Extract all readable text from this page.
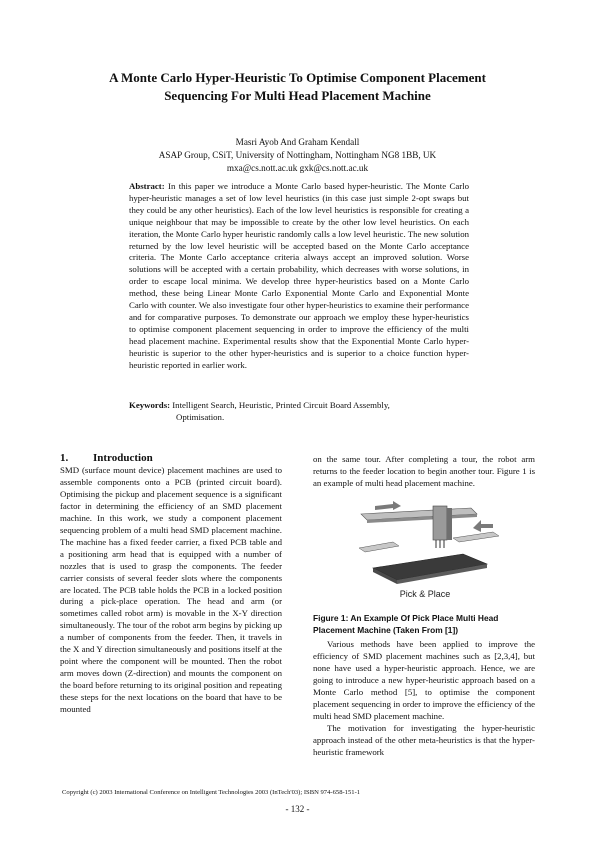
A Monte Carlo Hyper-Heuristic To Optimise Component Placement
Sequencing For Multi Head Placement Machine
Masri Ayob And Graham Kendall
ASAP Group, CSiT, University of Nottingham, Nottingham NG8 1BB, UK
mxa@cs.nott.ac.uk gxk@cs.nott.ac.uk
Abstract: In this paper we introduce a Monte Carlo based hyper-heuristic. The Monte Carlo hyper-heuristic manages a set of low level heuristics (in this case just simple 2-opt swaps but they could be any other heuristics). Each of the low level heuristics is responsible for creating a unique neighbour that may be impossible to create by the other low level heuristics. On each iteration, the Monte Carlo hyper heuristic randomly calls a low level heuristic. The new solution returned by the low level heuristic will be accepted based on the Monte Carlo acceptance criteria. The Monte Carlo acceptance criteria always accept an improved solution. Worse solutions will be accepted with a certain probability, which decreases with worse solutions, in order to escape local minima. We develop three hyper-heuristics based on a Monte Carlo method, these being Linear Monte Carlo Exponential Monte Carlo and Exponential Monte Carlo with counter. We also investigate four other hyper-heuristics to examine their performance and for comparative purposes. To demonstrate our approach we employ these hyper-heuristics to optimise component placement sequencing in order to improve the efficiency of the multi head placement machine. Experimental results show that the Exponential Monte Carlo hyper-heuristic is superior to the other hyper-heuristics and is superior to a choice function hyper-heuristic reported in earlier work.
Keywords: Intelligent Search, Heuristic, Printed Circuit Board Assembly,
Optimisation.
1. Introduction
SMD (surface mount device) placement machines are used to assemble components onto a PCB (printed circuit board). Optimising the pickup and placement sequence is a significant factor in determining the efficiency of an SMD placement machine. In this work, we study a component placement sequencing problem of a multi head SMD placement machine. The machine has a fixed feeder carrier, a fixed PCB table and a positioning arm head that is equipped with a number of nozzles that is used to grasp the components. The feeder carrier consists of several feeder slots where the components are located. The PCB table holds the PCB in a locked position during a pick-place operation. The head and arm (or sometimes called robot arm) is movable in the X-Y direction simultaneously. The tour of the robot arm begins by picking up a number of components from the feeder. Then, it travels in the X and Y direction simultaneously and positions itself at the point where the component will be mounted. Then the robot arm moves down (Z-direction) and mounts the component on the board before returning to its original position and repeating these steps for the next locations on the board that have to be mounted
on the same tour. After completing a tour, the robot arm returns to the feeder location to begin another tour. Figure 1 is an example of multi head placement machine.
Pick & Place
Figure 1: An Example Of Pick Place Multi Head Placement Machine (Taken From [1])
Various methods have been applied to improve the efficiency of SMD placement machines such as [2,3,4], but none have used a hyper-heuristic approach. Hence, we are going to introduce a new hyper-heuristic approach based on a Monte Carlo method [5], to optimise the component placement sequencing in order to improve the efficiency of the multi head SMD placement machine.
The motivation for investigating the hyper-heuristic approach instead of the other meta-heuristics is that the hyper-heuristic framework
Copyright (c) 2003 International Conference on Intelligent Technologies 2003 (InTech'03); ISBN 974-658-151-1
- 132 -
